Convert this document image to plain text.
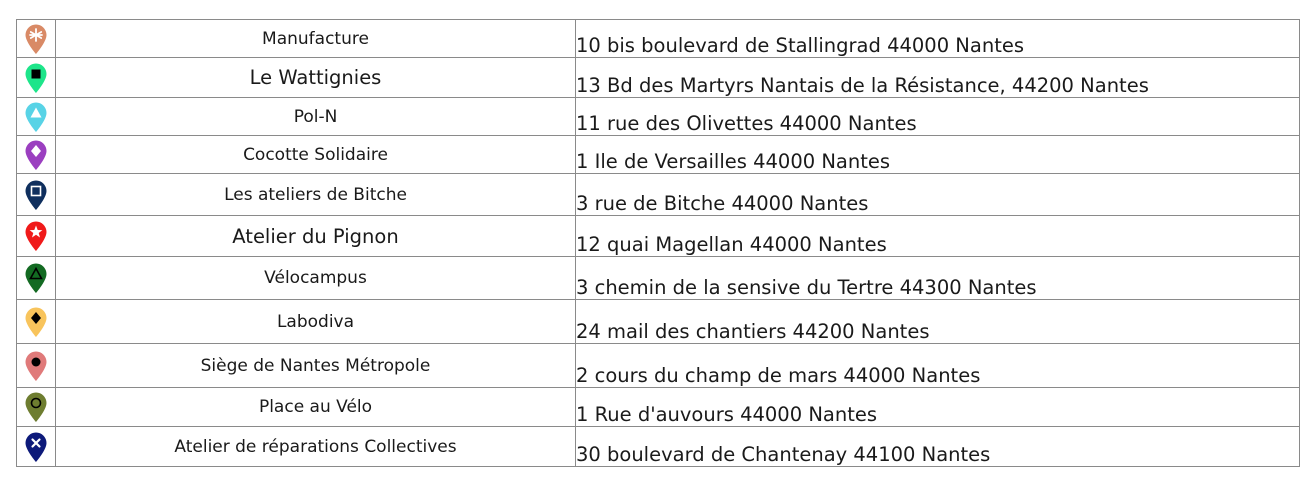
	Manufacture	10 bis boulevard de Stallingrad 44000 Nantes

	Le Wattignies	13 Bd des Martyrs Nantais de la Résistance, 44200 Nantes

	Pol-N	11 rue des Olivettes 44000 Nantes

	Cocotte Solidaire	1 Ile de Versailles 44000 Nantes

	Les ateliers de Bitche	3 rue de Bitche 44000 Nantes

	Atelier du Pignon	12 quai Magellan 44000 Nantes

	Vélocampus	3 chemin de la sensive du Tertre 44300 Nantes

	Labodiva	24 mail des chantiers 44200 Nantes

	Siège de Nantes Métropole	2 cours du champ de mars 44000 Nantes

	Place au Vélo	1 Rue d'auvours 44000 Nantes

	Atelier de réparations Collectives	30 boulevard de Chantenay 44100 Nantes
